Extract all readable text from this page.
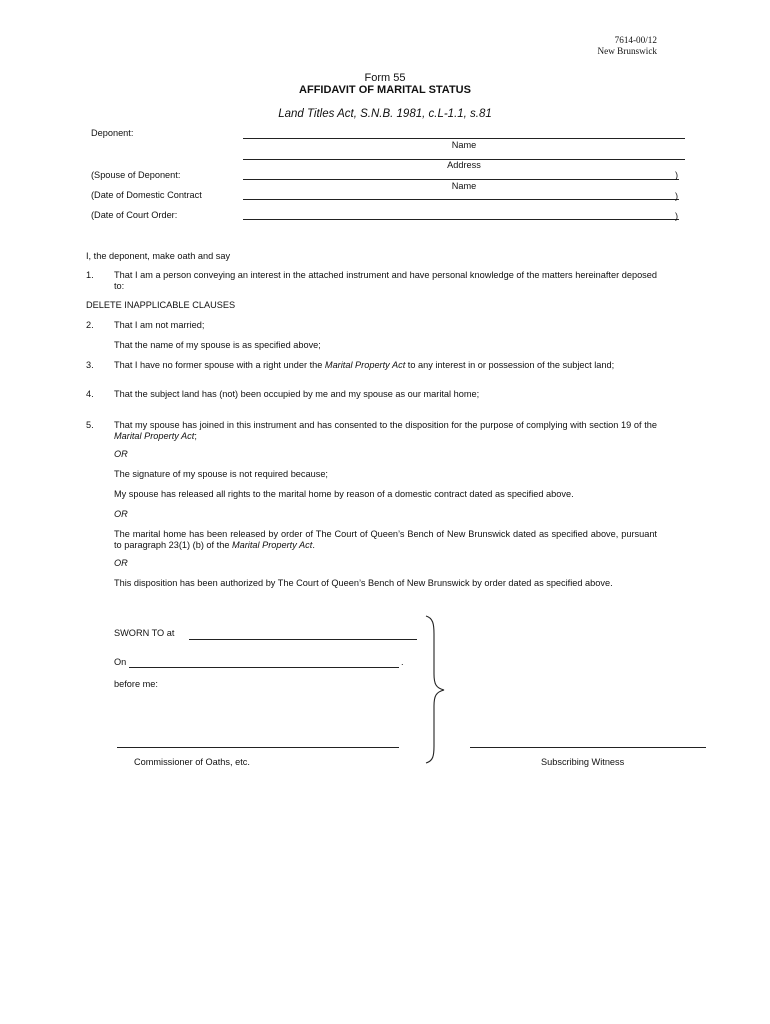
7614-00/12
New Brunswick
Form 55
AFFIDAVIT OF MARITAL STATUS
Land Titles Act, S.N.B. 1981, c.L-1.1, s.81
Deponent:
Name
Address
(Spouse of Deponent:	)
Name
(Date of Domestic Contract	)
(Date of Court Order:	)
I, the deponent, make oath and say
1. That I am a person conveying an interest in the attached instrument and have personal knowledge of the matters hereinafter deposed to:
DELETE INAPPLICABLE CLAUSES
2. That I am not married;
That the name of my spouse is as specified above;
3. That I have no former spouse with a right under the Marital Property Act to any interest in or possession of the subject land;
4. That the subject land has (not) been occupied by me and my spouse as our marital home;
5. That my spouse has joined in this instrument and has consented to the disposition for the purpose of complying with section 19 of the Marital Property Act;
OR
The signature of my spouse is not required because;
My spouse has released all rights to the marital home by reason of a domestic contract dated as specified above.
OR
The marital home has been released by order of The Court of Queen’s Bench of New Brunswick dated as specified above, pursuant to paragraph 23(1) (b) of the Marital Property Act.
OR
This disposition has been authorized by The Court of Queen’s Bench of New Brunswick by order dated as specified above.
SWORN TO at
On	.
before me:
Commissioner of Oaths, etc.	Subscribing Witness
